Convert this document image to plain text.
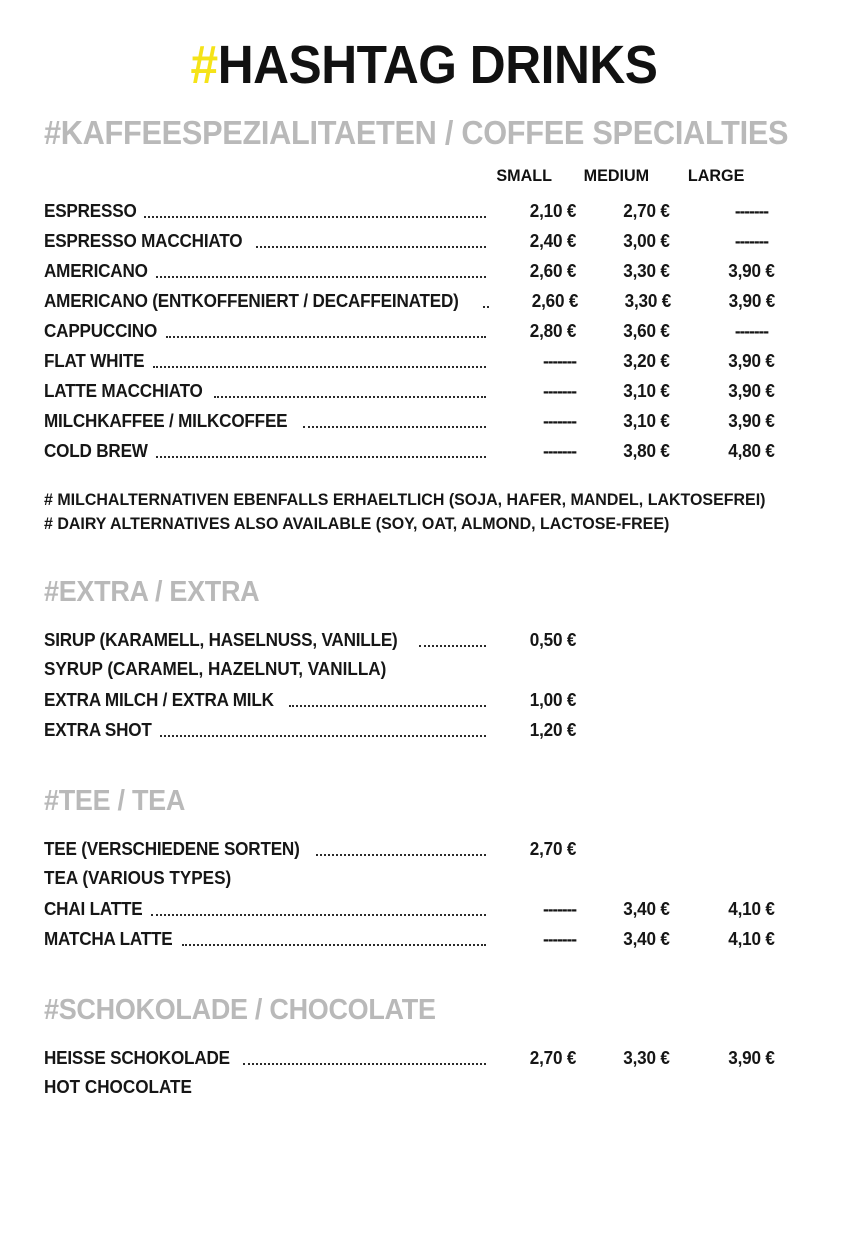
#HASHTAG DRINKS
#KAFFEESPEZIALITAETEN / COFFEE SPECIALTIES
SMALL	MEDIUM	LARGE
ESPRESSO	2,10 €	2,70 €	-------
ESPRESSO MACCHIATO	2,40 €	3,00 €	-------
AMERICANO	2,60 €	3,30 €	3,90 €
AMERICANO (ENTKOFFENIERT / DECAFFEINATED)	2,60 €	3,30 €	3,90 €
CAPPUCCINO	2,80 €	3,60 €	-------
FLAT WHITE	-------	3,20 €	3,90 €
LATTE MACCHIATO	-------	3,10 €	3,90 €
MILCHKAFFEE / MILKCOFFEE	-------	3,10 €	3,90 €
COLD BREW	-------	3,80 €	4,80 €
# MILCHALTERNATIVEN EBENFALLS ERHAELTLICH (SOJA, HAFER, MANDEL, LAKTOSEFREI)
# DAIRY ALTERNATIVES ALSO AVAILABLE (SOY, OAT, ALMOND, LACTOSE-FREE)
#EXTRA / EXTRA
SIRUP (KARAMELL, HASELNUSS, VANILLE)	0,50 €
SYRUP (CARAMEL, HAZELNUT, VANILLA)
EXTRA MILCH / EXTRA MILK	1,00 €
EXTRA SHOT	1,20 €
#TEE / TEA
TEE (VERSCHIEDENE SORTEN)	2,70 €
TEA (VARIOUS TYPES)
CHAI LATTE	-------	3,40 €	4,10 €
MATCHA LATTE	-------	3,40 €	4,10 €
#SCHOKOLADE / CHOCOLATE
HEISSE SCHOKOLADE	2,70 €	3,30 €	3,90 €
HOT CHOCOLATE
